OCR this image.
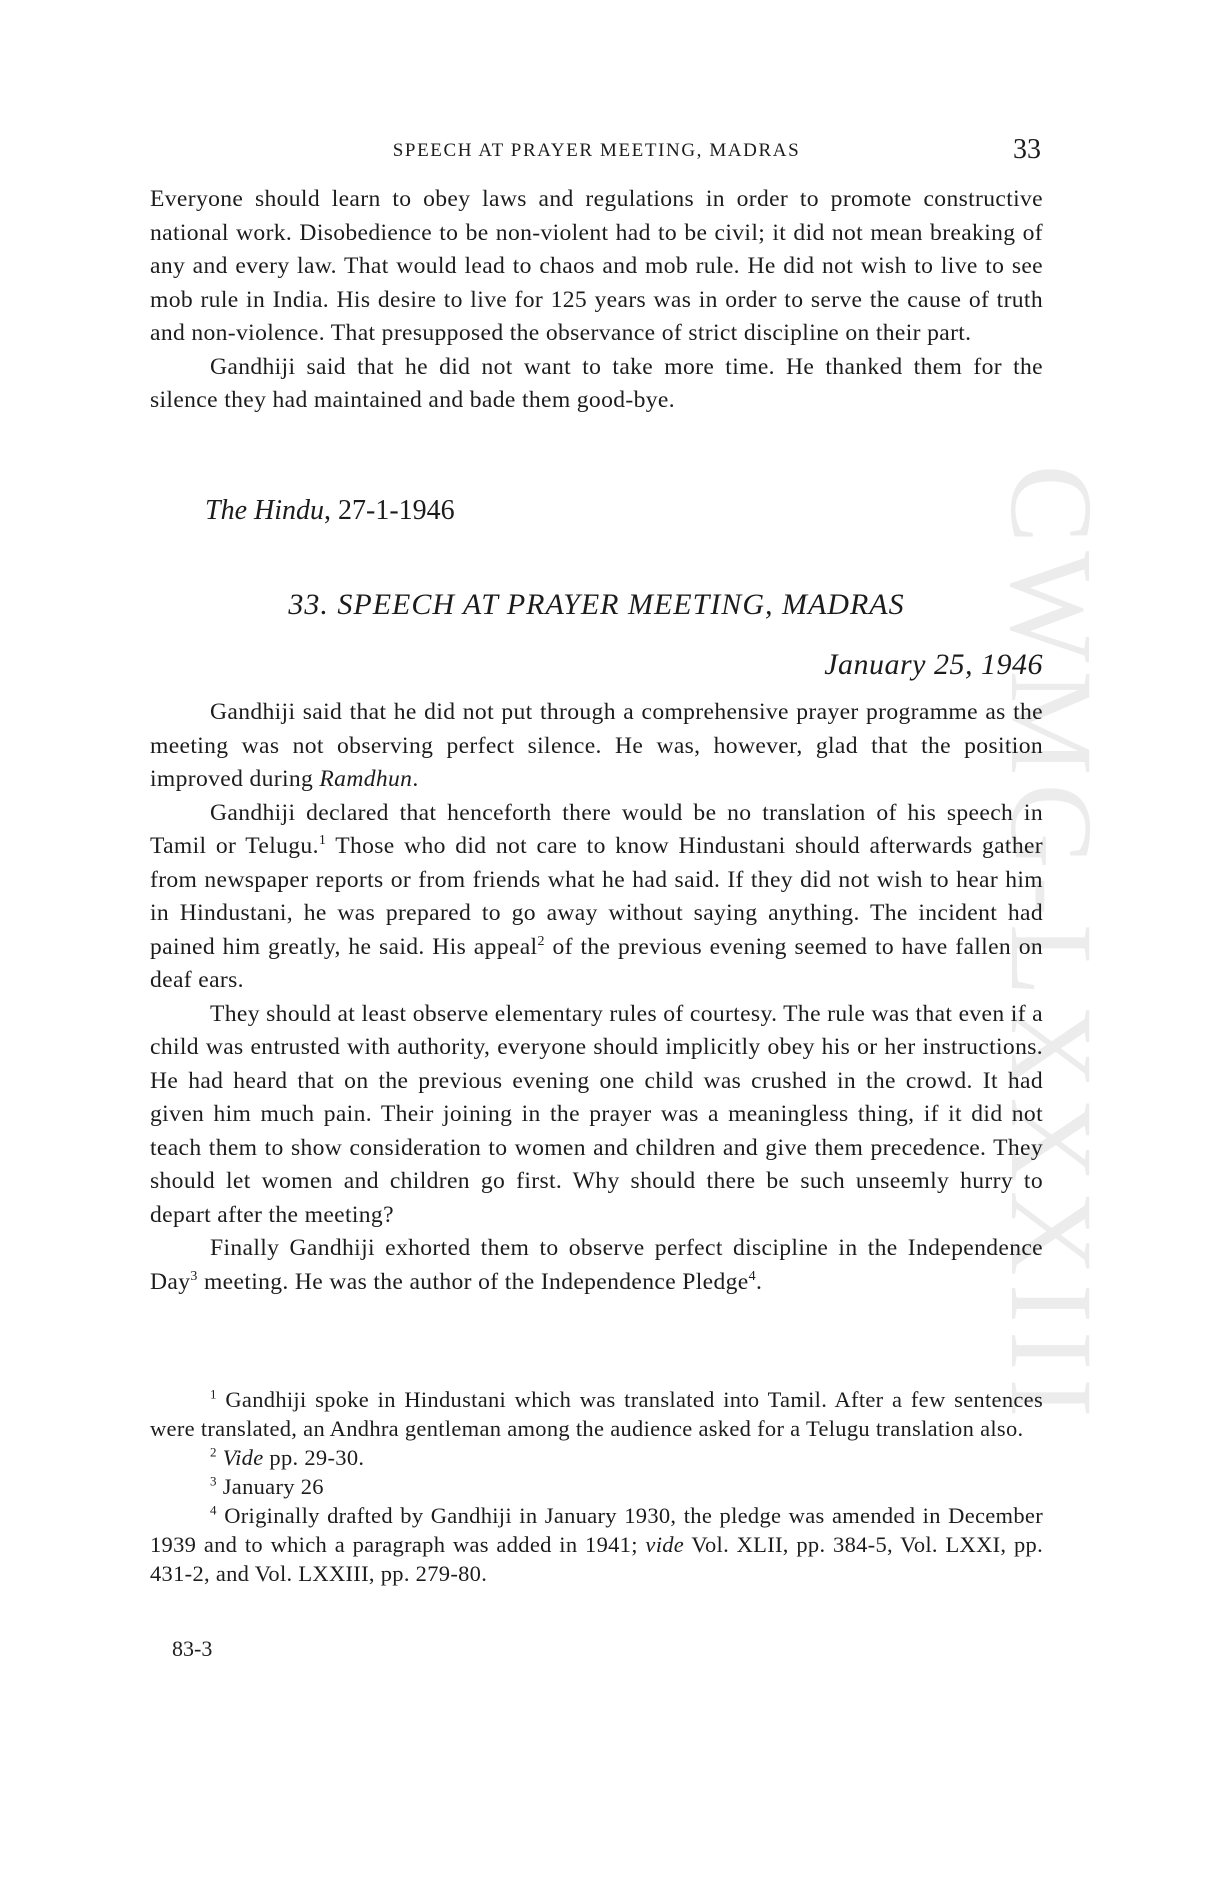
CWMG-LXXXIII
SPEECH AT PRAYER MEETING, MADRAS	33

Everyone should learn to obey laws and regulations in order to promote constructive national work. Disobedience to be non-violent had to be civil; it did not mean breaking of any and every law. That would lead to chaos and mob rule. He did not wish to live to see mob rule in India. His desire to live for 125 years was in order to serve the cause of truth and non-violence. That presupposed the observance of strict discipline on their part.

Gandhiji said that he did not want to take more time. He thanked them for the silence they had maintained and bade them good-bye.

The Hindu, 27-1-1946
33. SPEECH AT PRAYER MEETING, MADRAS
January 25, 1946

Gandhiji said that he did not put through a comprehensive prayer programme as the meeting was not observing perfect silence. He was, however, glad that the position improved during Ramdhun.

Gandhiji declared that henceforth there would be no translation of his speech in Tamil or Telugu.$^1$ Those who did not care to know Hindustani should afterwards gather from newspaper reports or from friends what he had said. If they did not wish to hear him in Hindustani, he was prepared to go away without saying anything. The incident had pained him greatly, he said. His appeal$^2$ of the previous evening seemed to have fallen on deaf ears.

They should at least observe elementary rules of courtesy. The rule was that even if a child was entrusted with authority, everyone should implicitly obey his or her instructions. He had heard that on the previous evening one child was crushed in the crowd. It had given him much pain. Their joining in the prayer was a meaningless thing, if it did not teach them to show consideration to women and children and give them precedence. They should let women and children go first. Why should there be such unseemly hurry to depart after the meeting?

Finally Gandhiji exhorted them to observe perfect discipline in the Independence Day$^3$ meeting. He was the author of the Independence Pledge$^4$.

$^1$ Gandhiji spoke in Hindustani which was translated into Tamil. After a few sentences were translated, an Andhra gentleman among the audience asked for a Telugu translation also.

$^2$ Vide pp. 29-30.

$^3$ January 26

$^4$ Originally drafted by Gandhiji in January 1930, the pledge was amended in December 1939 and to which a paragraph was added in 1941; vide Vol. XLII, pp. 384-5, Vol. LXXI, pp. 431-2, and Vol. LXXIII, pp. 279-80.

83-3
